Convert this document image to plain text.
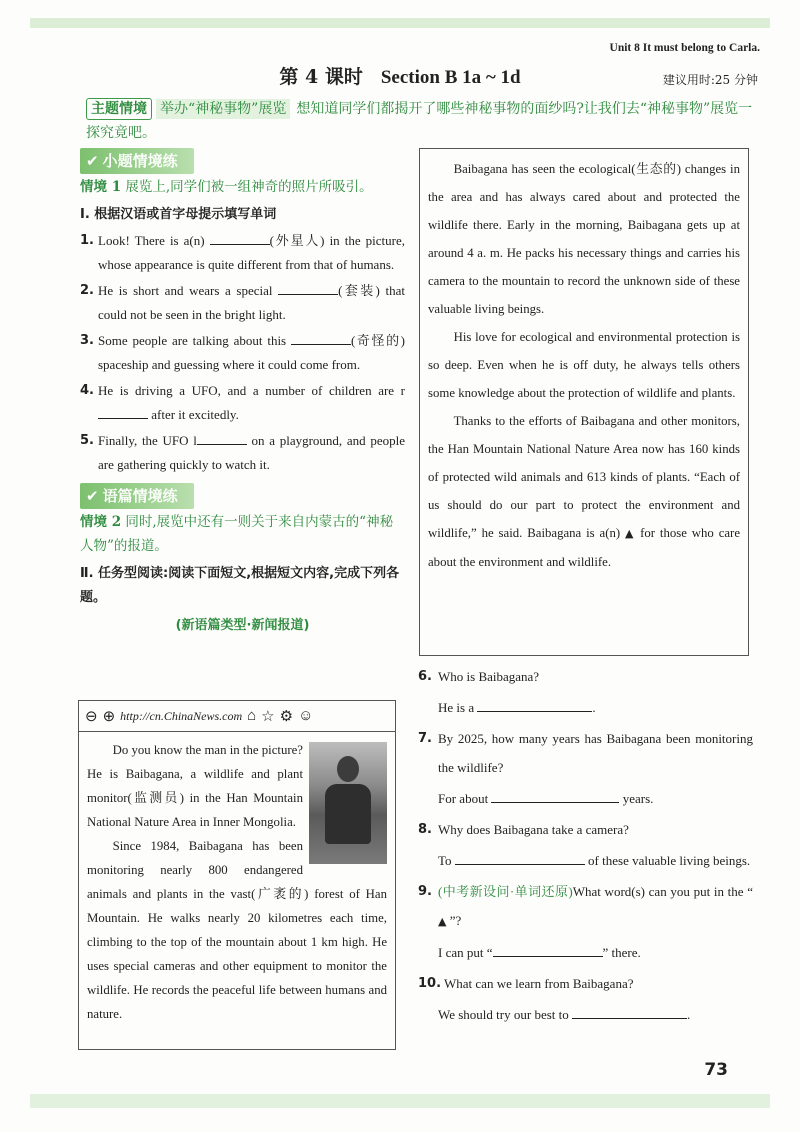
Unit 8 It must belong to Carla.
第 4 课时 Section B 1a ~ 1d	建议用时:25 分钟
主题情境 举办“神秘事物”展览 想知道同学们都揭开了哪些神秘事物的面纱吗?让我们去“神秘事物”展览一探究竟吧。
✔ 小题情境练
情境 1 展览上,同学们被一组神奇的照片所吸引。
Ⅰ. 根据汉语或首字母提示填写单词
1. Look! There is a(n)	(外星人) in the picture, whose appearance is quite different from that of humans.
2. He is short and wears a special	(套装) that could not be seen in the bright light.
3. Some people are talking about this	(奇怪的) spaceship and guessing where it could come from.
4. He is driving a UFO, and a number of children are r after it excitedly.
5. Finally, the UFO l	on a playground, and people are gathering quickly to watch it.
✔ 语篇情境练
情境 2 同时,展览中还有一则关于来自内蒙古的“神秘人物”的报道。
Ⅱ. 任务型阅读:阅读下面短文,根据短文内容,完成下列各题。
(新语篇类型·新闻报道)
⊖ ⊕ http://cn.ChinaNews.com ⌂ ☆ ⚙ ☺

Do you know the man in the picture? He is Baibagana, a wildlife and plant monitor(监测员) in the Han Mountain National Nature Area in Inner Mongolia.

Since 1984, Baibagana has been monitoring nearly 800 endangered animals and plants in the vast(广袤的) forest of Han Mountain. He walks nearly 20 kilometres each time, climbing to the top of the mountain about 1 km high. He uses special cameras and other equipment to monitor the wildlife. He records the peaceful life between humans and nature.

Baibagana has seen the ecological(生态的) changes in the area and has always cared about and protected the wildlife there. Early in the morning, Baibagana gets up at around 4 a. m. He packs his necessary things and carries his camera to the mountain to record the unknown side of these valuable living beings.

His love for ecological and environmental protection is so deep. Even when he is off duty, he always tells others some knowledge about the protection of wildlife and plants.

Thanks to the efforts of Baibagana and other monitors, the Han Mountain National Nature Area now has 160 kinds of protected wild animals and 613 kinds of plants. “Each of us should do our part to protect the environment and wildlife,” he said. Baibagana is a(n) ▲ for those who care about the environment and wildlife.

6. Who is Baibagana?
He is a	.
7. By 2025, how many years has Baibagana been monitoring the wildlife?
For about	years.
8. Why does Baibagana take a camera?
To	of these valuable living beings.
9. (中考新设问·单词还原)What word(s) can you put in the “ ▲ ”?
I can put “	” there.
10. What can we learn from Baibagana?
We should try our best to	.
73
